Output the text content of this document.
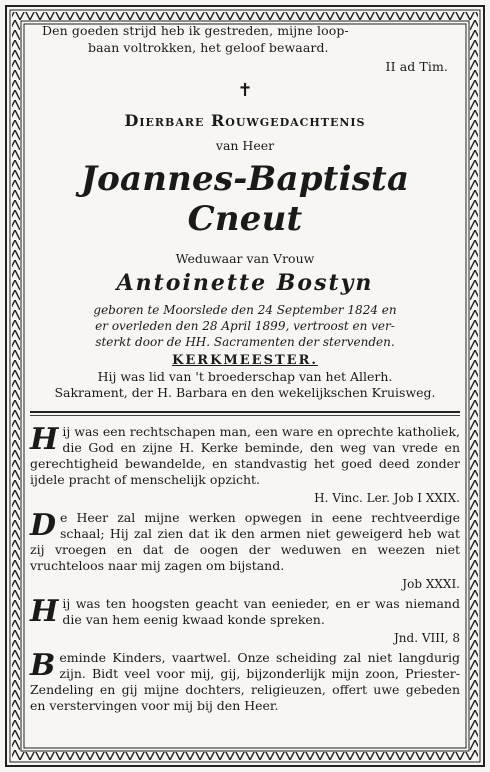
Den goeden strijd heb ik gestreden, mijne loop-
baan voltrokken, het geloof bewaard.
II ad Tim.
✝
Dierbare Rouwgedachtenis
van Heer
Joannes-Baptista Cneut
Weduwaar van Vrouw
Antoinette Bostyn
geboren te Moorslede den 24 September 1824 en
er overleden den 28 April 1899, vertroost en ver-
sterkt door de HH. Sacramenten der stervenden.
KERKMEESTER.
Hij was lid van 't broederschap van het Allerh.
Sakrament, der H. Barbara en den wekelijkschen Kruisweg.
H ij was een rechtschapen man, een ware en oprechte katholiek, die God en zijne H. Kerke beminde, den weg van vrede en gerechtigheid bewandelde, en standvastig het goed deed zonder ijdele pracht of menschelijk opzicht.
H. Vinc. Ler. Job I XXIX.
D e Heer zal mijne werken opwegen in eene rechtveerdige schaal; Hij zal zien dat ik den armen niet geweigerd heb wat zij vroegen en dat de oogen der weduwen en weezen niet vruchteloos naar mij zagen om bijstand.
Job XXXI.
H ij was ten hoogsten geacht van eenieder, en er was niemand die van hem eenig kwaad konde spreken.
Jnd. VIII, 8
B eminde Kinders, vaartwel. Onze scheiding zal niet langdurig zijn. Bidt veel voor mij, gij, bijzonderlijk mijn zoon, Priester-Zendeling en gij mijne dochters, religieuzen, offert uwe gebeden en verstervingen voor mij bij den Heer.
